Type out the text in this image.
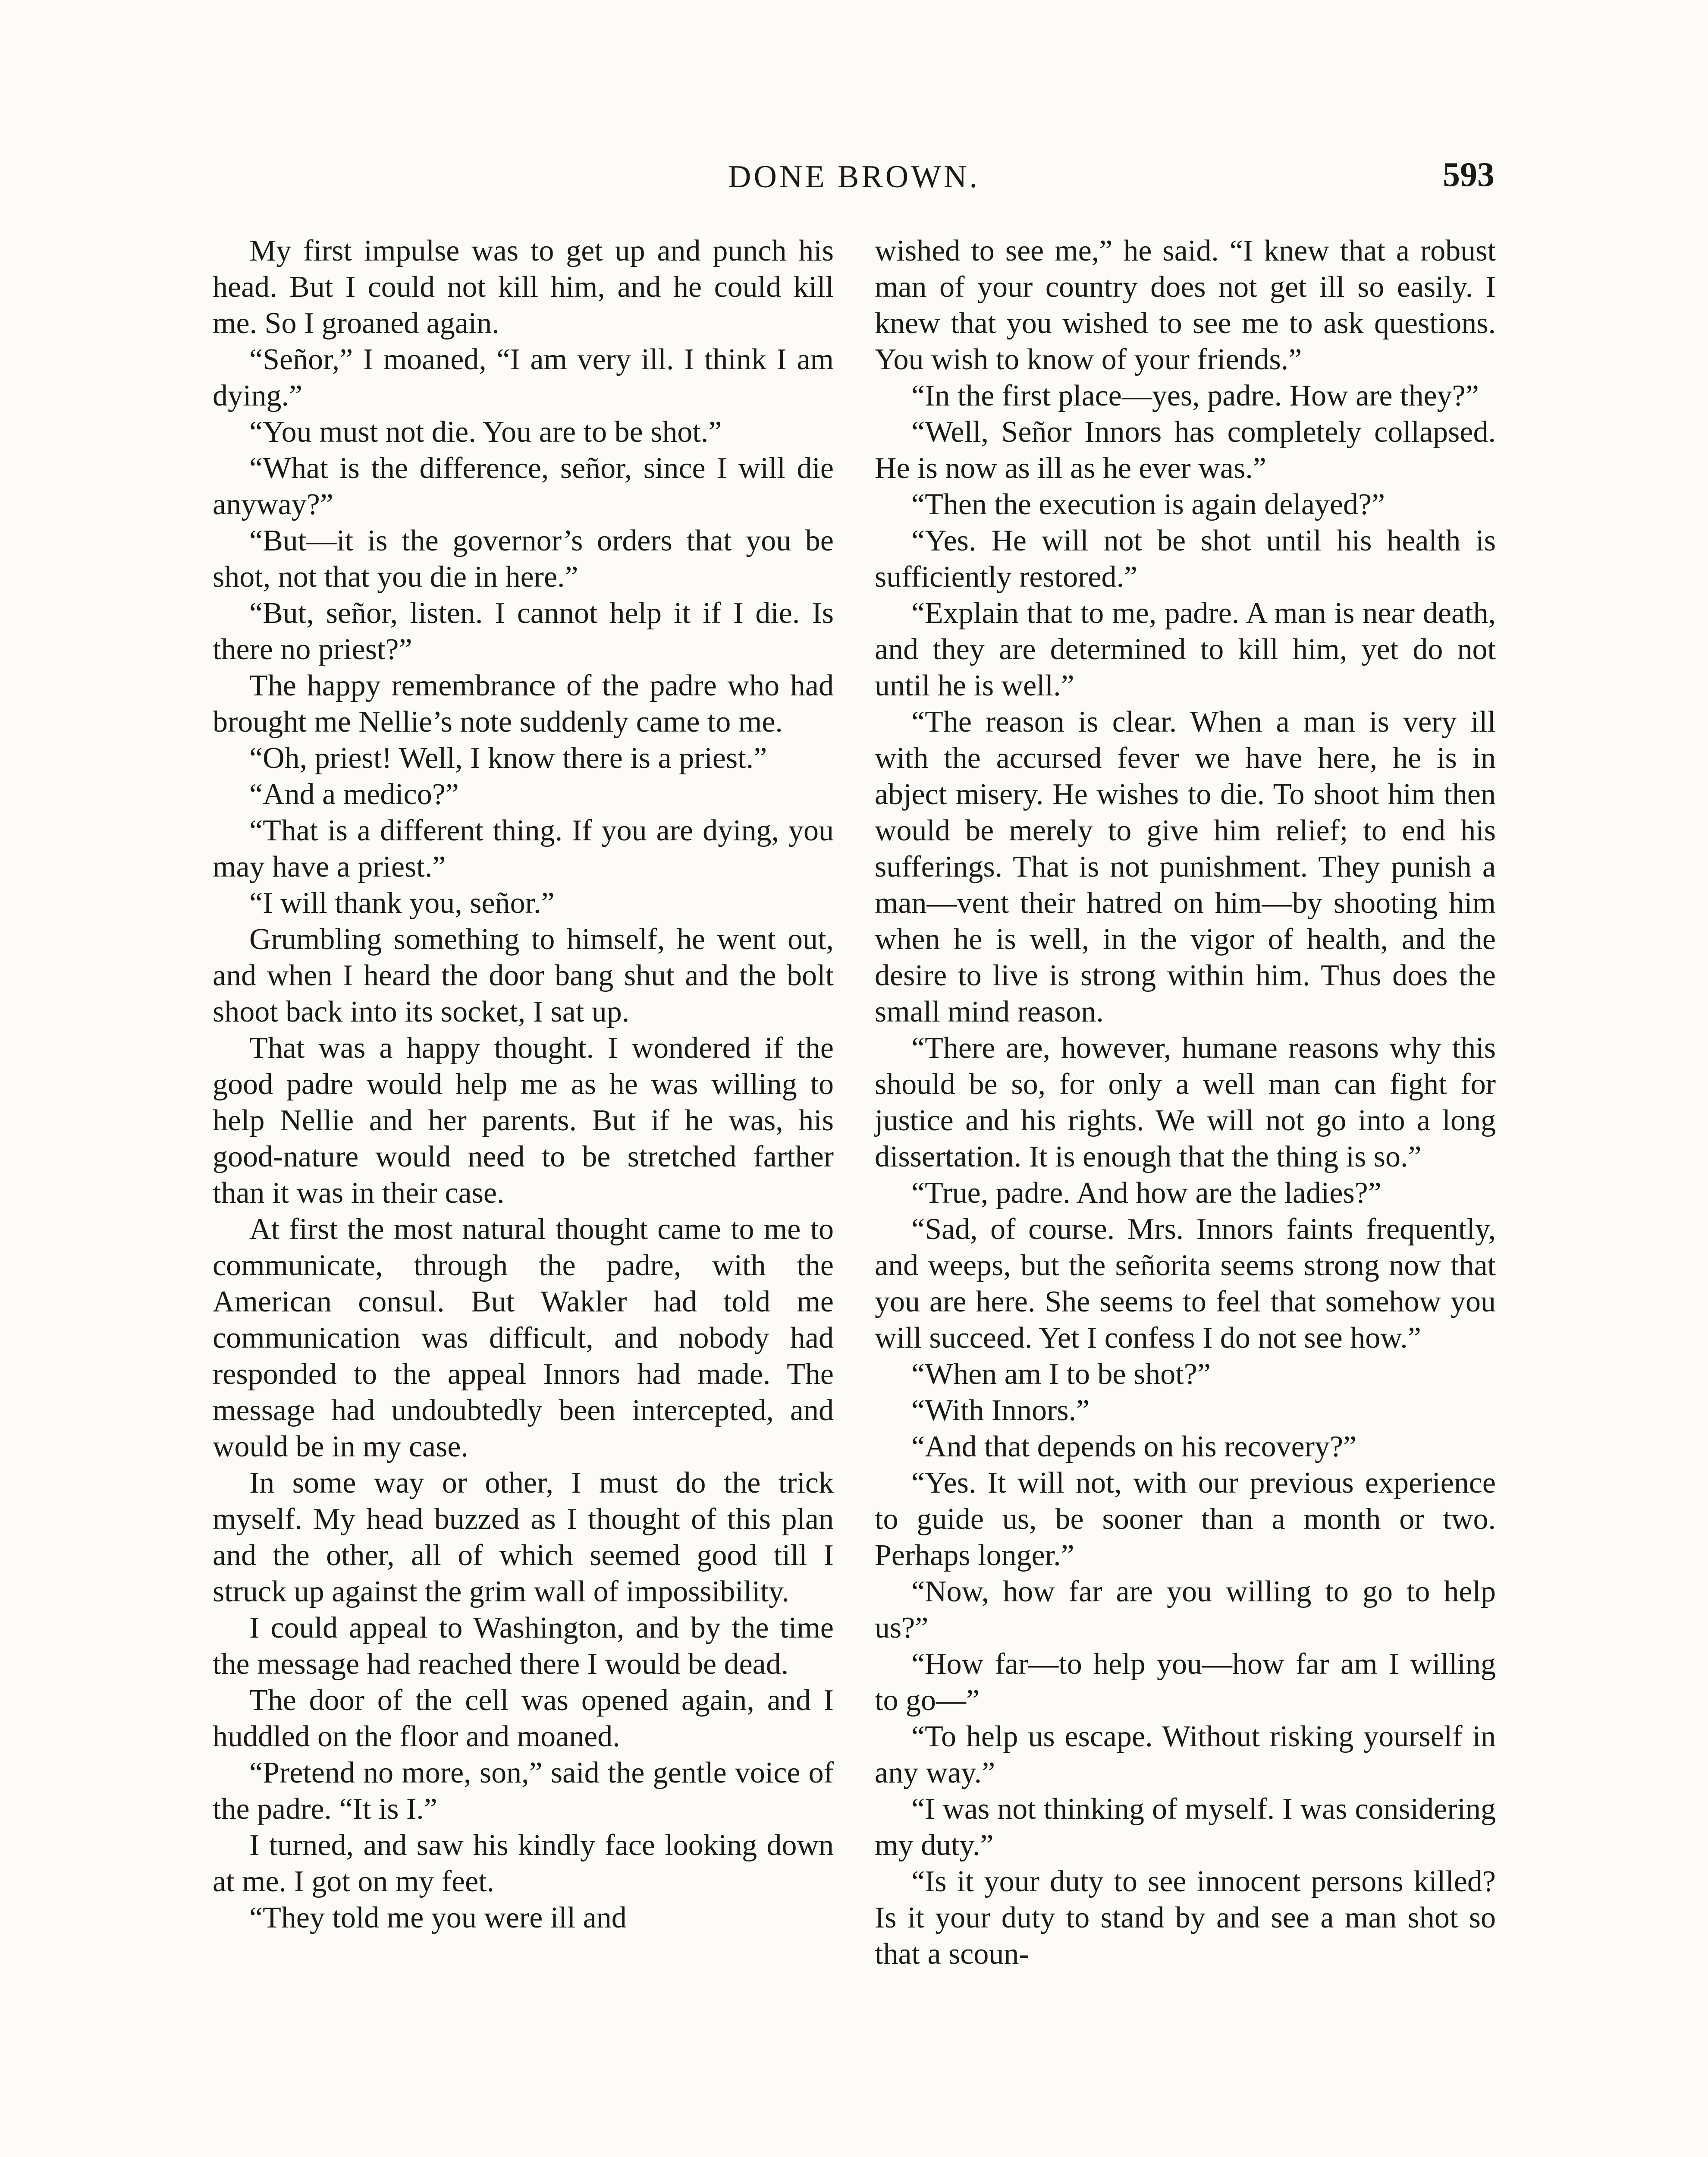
DONE BROWN.	593

My first impulse was to get up and punch his head. But I could not kill him, and he could kill me. So I groaned again.

“Señor,” I moaned, “I am very ill. I think I am dying.”

“You must not die. You are to be shot.”

“What is the difference, señor, since I will die anyway?”

“But—it is the governor’s orders that you be shot, not that you die in here.”

“But, señor, listen. I cannot help it if I die. Is there no priest?”

The happy remembrance of the padre who had brought me Nellie’s note suddenly came to me.

“Oh, priest! Well, I know there is a priest.”

“And a medico?”

“That is a different thing. If you are dying, you may have a priest.”

“I will thank you, señor.”

Grumbling something to himself, he went out, and when I heard the door bang shut and the bolt shoot back into its socket, I sat up.

That was a happy thought. I wondered if the good padre would help me as he was willing to help Nellie and her parents. But if he was, his good-nature would need to be stretched farther than it was in their case.

At first the most natural thought came to me to communicate, through the padre, with the American consul. But Wakler had told me communication was difficult, and nobody had responded to the appeal Innors had made. The message had undoubtedly been intercepted, and would be in my case.

In some way or other, I must do the trick myself. My head buzzed as I thought of this plan and the other, all of which seemed good till I struck up against the grim wall of impossibility.

I could appeal to Washington, and by the time the message had reached there I would be dead.

The door of the cell was opened again, and I huddled on the floor and moaned.

“Pretend no more, son,” said the gentle voice of the padre. “It is I.”

I turned, and saw his kindly face looking down at me. I got on my feet.

“They told me you were ill and

wished to see me,” he said. “I knew that a robust man of your country does not get ill so easily. I knew that you wished to see me to ask questions. You wish to know of your friends.”

“In the first place—yes, padre. How are they?”

“Well, Señor Innors has completely collapsed. He is now as ill as he ever was.”

“Then the execution is again delayed?”

“Yes. He will not be shot until his health is sufficiently restored.”

“Explain that to me, padre. A man is near death, and they are determined to kill him, yet do not until he is well.”

“The reason is clear. When a man is very ill with the accursed fever we have here, he is in abject misery. He wishes to die. To shoot him then would be merely to give him relief; to end his sufferings. That is not punishment. They punish a man—vent their hatred on him—by shooting him when he is well, in the vigor of health, and the desire to live is strong within him. Thus does the small mind reason.

“There are, however, humane reasons why this should be so, for only a well man can fight for justice and his rights. We will not go into a long dissertation. It is enough that the thing is so.”

“True, padre. And how are the ladies?”

“Sad, of course. Mrs. Innors faints frequently, and weeps, but the señorita seems strong now that you are here. She seems to feel that somehow you will succeed. Yet I confess I do not see how.”

“When am I to be shot?”

“With Innors.”

“And that depends on his recovery?”

“Yes. It will not, with our previous experience to guide us, be sooner than a month or two. Perhaps longer.”

“Now, how far are you willing to go to help us?”

“How far—to help you—how far am I willing to go—”

“To help us escape. Without risking yourself in any way.”

“I was not thinking of myself. I was considering my duty.”

“Is it your duty to see innocent persons killed? Is it your duty to stand by and see a man shot so that a scoun-
